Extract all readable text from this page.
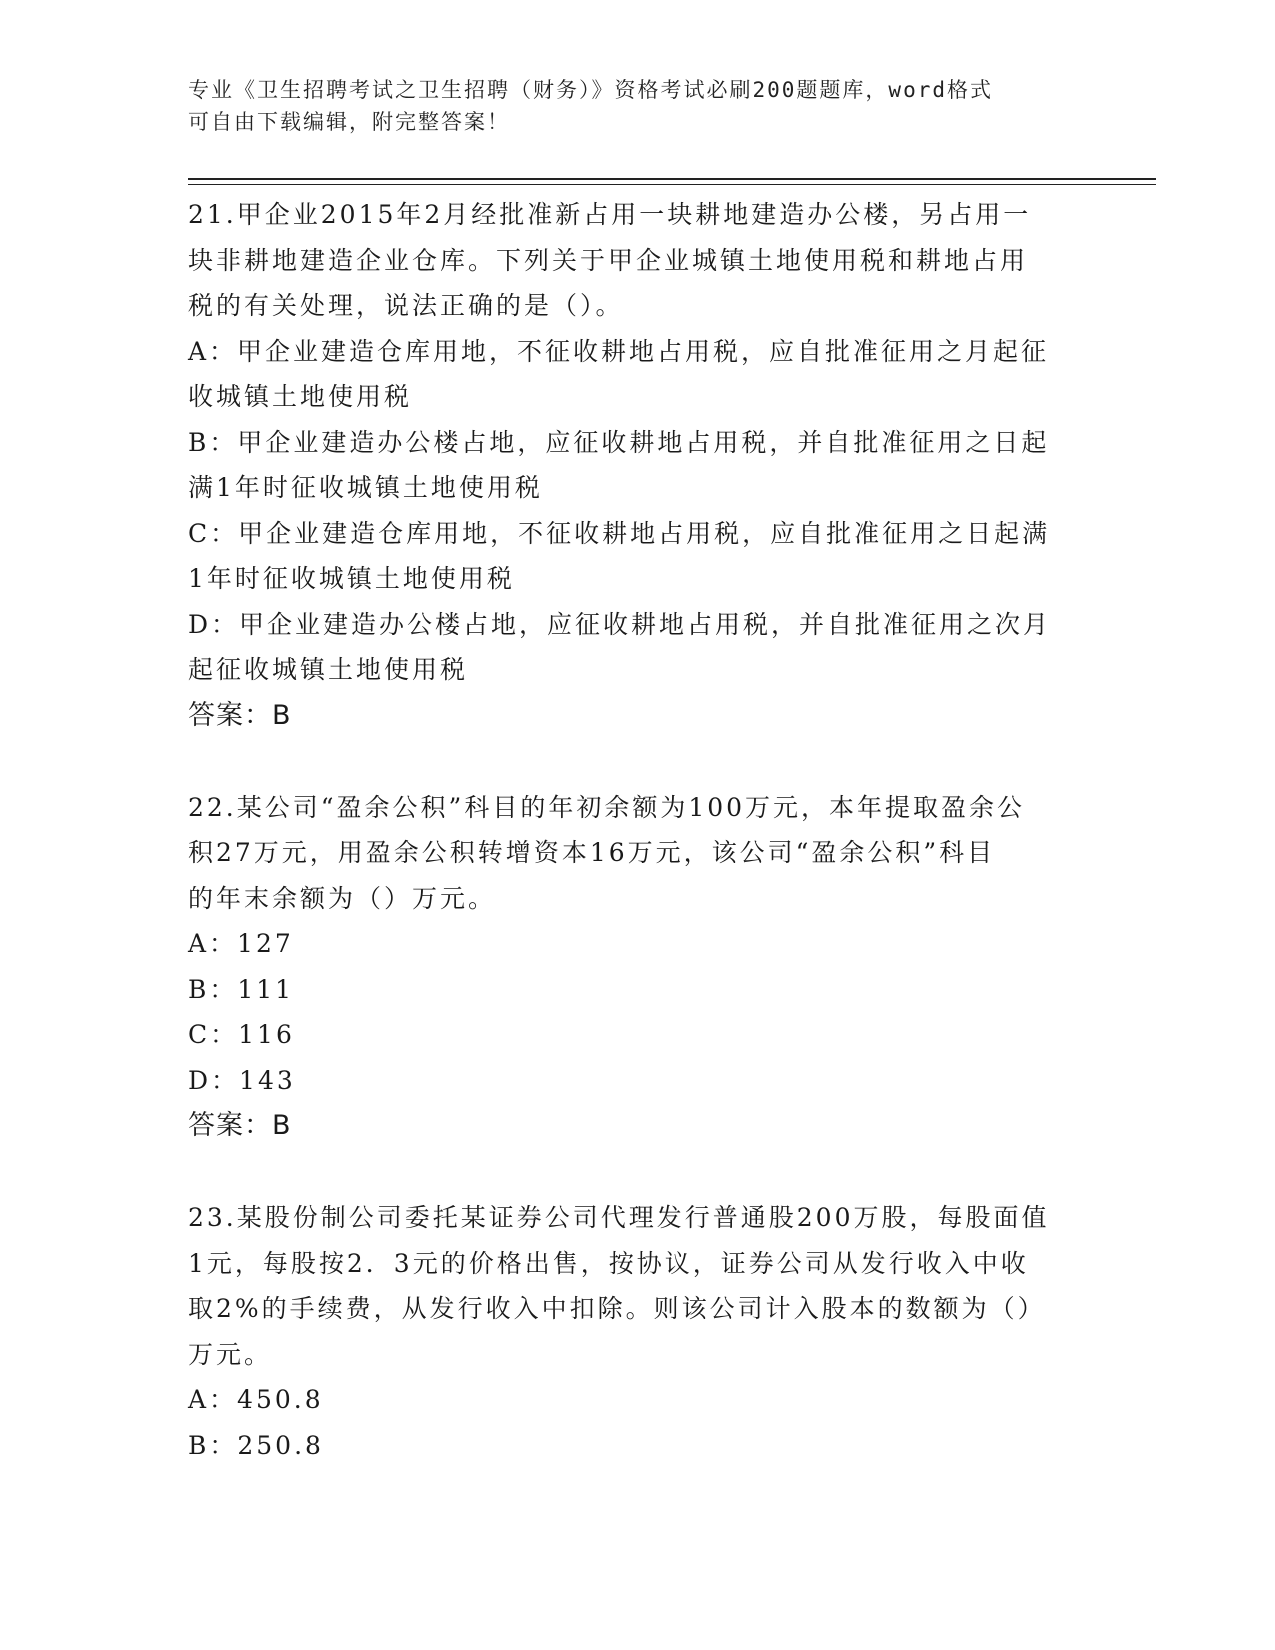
专业《卫生招聘考试之卫生招聘（财务）》资格考试必刷200题题库，word格式
可自由下载编辑，附完整答案！

21.甲企业2015年2月经批准新占用一块耕地建造办公楼，另占用一

块非耕地建造企业仓库。下列关于甲企业城镇土地使用税和耕地占用

税的有关处理，说法正确的是（）。

A：甲企业建造仓库用地，不征收耕地占用税，应自批准征用之月起征

收城镇土地使用税

B：甲企业建造办公楼占地，应征收耕地占用税，并自批准征用之日起

满1年时征收城镇土地使用税

C：甲企业建造仓库用地，不征收耕地占用税，应自批准征用之日起满

1年时征收城镇土地使用税

D：甲企业建造办公楼占地，应征收耕地占用税，并自批准征用之次月

起征收城镇土地使用税

答案：B

22.某公司“盈余公积”科目的年初余额为100万元，本年提取盈余公

积27万元，用盈余公积转增资本16万元，该公司“盈余公积”科目

的年末余额为（）万元。

A：127

B：111

C：116

D：143

答案：B

23.某股份制公司委托某证券公司代理发行普通股200万股，每股面值

1元，每股按2．3元的价格出售，按协议，证券公司从发行收入中收

取2%的手续费，从发行收入中扣除。则该公司计入股本的数额为（）

万元。

A：450.8

B：250.8
